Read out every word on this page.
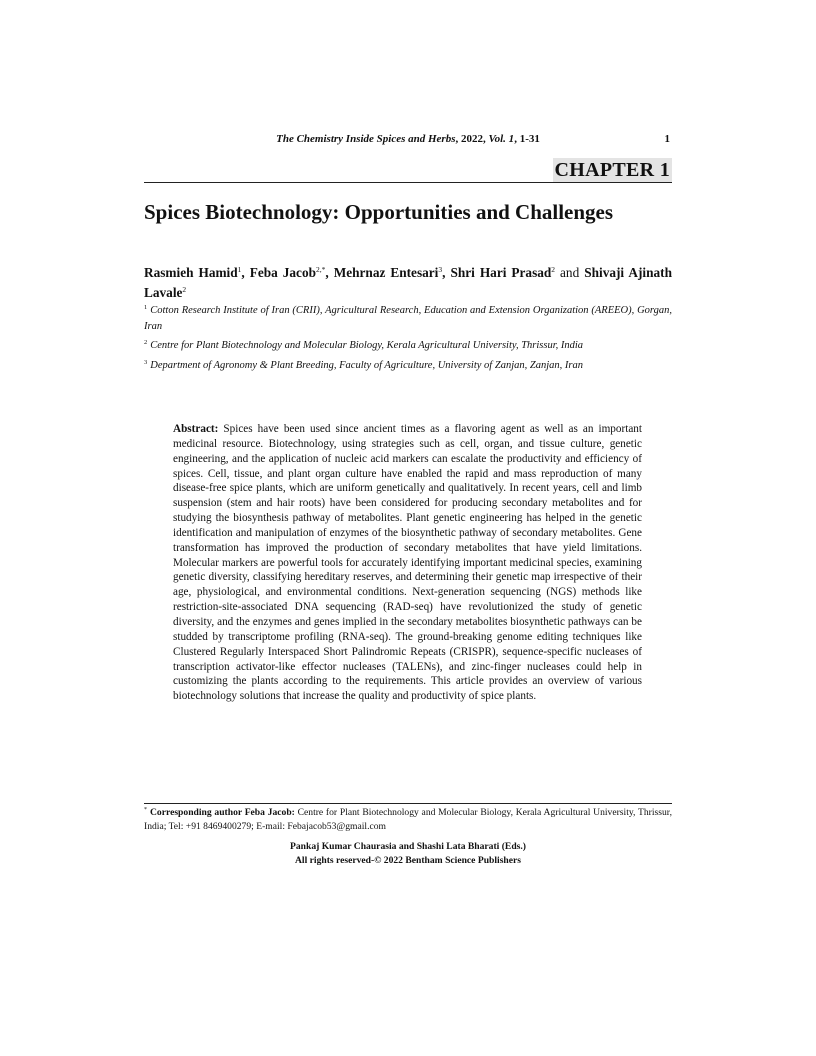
The Chemistry Inside Spices and Herbs, 2022, Vol. 1, 1-31	1
CHAPTER 1
Spices Biotechnology: Opportunities and Challenges

Rasmieh Hamid$^1$, Feba Jacob$^{2,*}$, Mehrnaz Entesari$^3$, Shri Hari Prasad$^2$ and Shivaji Ajinath Lavale$^2$

$^1$ Cotton Research Institute of Iran (CRII), Agricultural Research, Education and Extension Organization (AREEO), Gorgan, Iran

$^2$ Centre for Plant Biotechnology and Molecular Biology, Kerala Agricultural University, Thrissur, India

$^3$ Department of Agronomy & Plant Breeding, Faculty of Agriculture, University of Zanjan, Zanjan, Iran

Abstract: Spices have been used since ancient times as a flavoring agent as well as an important medicinal resource. Biotechnology, using strategies such as cell, organ, and tissue culture, genetic engineering, and the application of nucleic acid markers can escalate the productivity and efficiency of spices. Cell, tissue, and plant organ culture have enabled the rapid and mass reproduction of many disease-free spice plants, which are uniform genetically and qualitatively. In recent years, cell and limb suspension (stem and hair roots) have been considered for producing secondary metabolites and for studying the biosynthesis pathway of metabolites. Plant genetic engineering has helped in the genetic identification and manipulation of enzymes of the biosynthetic pathway of secondary metabolites. Gene transformation has improved the production of secondary metabolites that have yield limitations. Molecular markers are powerful tools for accurately identifying important medicinal species, examining genetic diversity, classifying hereditary reserves, and determining their genetic map irrespective of their age, physiological, and environmental conditions. Next-generation sequencing (NGS) methods like restriction-site-associated DNA sequencing (RAD-seq) have revolutionized the study of genetic diversity, and the enzymes and genes implied in the secondary metabolites biosynthetic pathways can be studded by transcriptome profiling (RNA-seq). The ground-breaking genome editing techniques like Clustered Regularly Interspaced Short Palindromic Repeats (CRISPR), sequence-specific nucleases of transcription activator-like effector nucleases (TALENs), and zinc-finger nucleases could help in customizing the plants according to the requirements. This article provides an overview of various biotechnology solutions that increase the quality and productivity of spice plants.

* Corresponding author Feba Jacob: Centre for Plant Biotechnology and Molecular Biology, Kerala Agricultural University, Thrissur, India; Tel: +91 8469400279; E-mail: Febajacob53@gmail.com

Pankaj Kumar Chaurasia and Shashi Lata Bharati (Eds.)
All rights reserved-© 2022 Bentham Science Publishers
